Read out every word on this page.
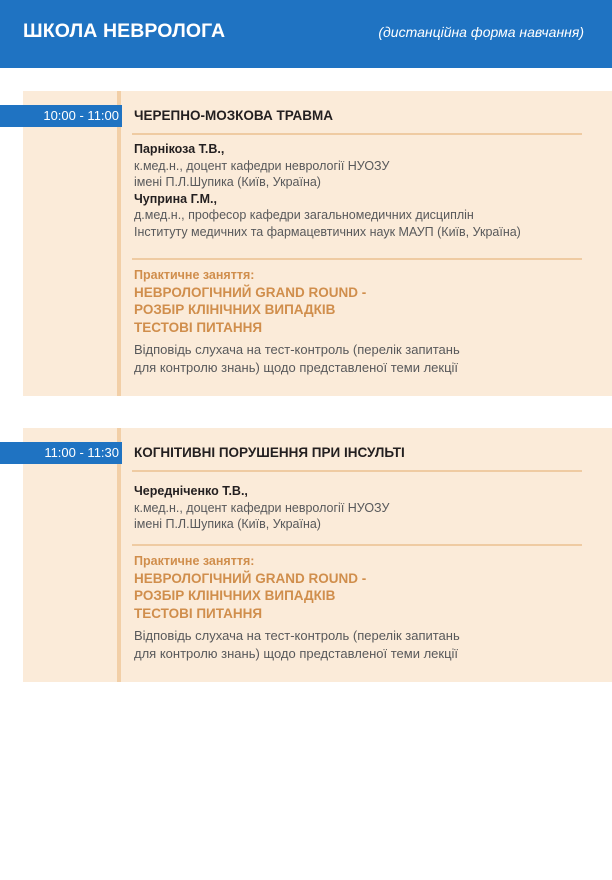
ШКОЛА НЕВРОЛОГА	(дистанційна форма навчання)
10:00 - 11:00 ЧЕРЕПНО-МОЗКОВА ТРАВМА
Парнікоза Т.В.,
к.мед.н., доцент кафедри неврології НУОЗУ
імені П.Л.Шупика (Київ, Україна)
Чуприна Г.М.,
д.мед.н., професор кафедри загальномедичних дисциплін
Інституту медичних та фармацевтичних наук МАУП (Київ, Україна)
Практичне заняття:
НЕВРОЛОГІЧНИЙ GRAND ROUND -
РОЗБІР КЛІНІЧНИХ ВИПАДКІВ
ТЕСТОВІ ПИТАННЯ
Відповідь слухача на тест-контроль (перелік запитань
для контролю знань) щодо представленої теми лекції
11:00 - 11:30 КОГНІТИВНІ ПОРУШЕННЯ ПРИ ІНСУЛЬТІ
Чередніченко Т.В.,
к.мед.н., доцент кафедри неврології НУОЗУ
імені П.Л.Шупика (Київ, Україна)
Практичне заняття:
НЕВРОЛОГІЧНИЙ GRAND ROUND -
РОЗБІР КЛІНІЧНИХ ВИПАДКІВ
ТЕСТОВІ ПИТАННЯ
Відповідь слухача на тест-контроль (перелік запитань
для контролю знань) щодо представленої теми лекції
